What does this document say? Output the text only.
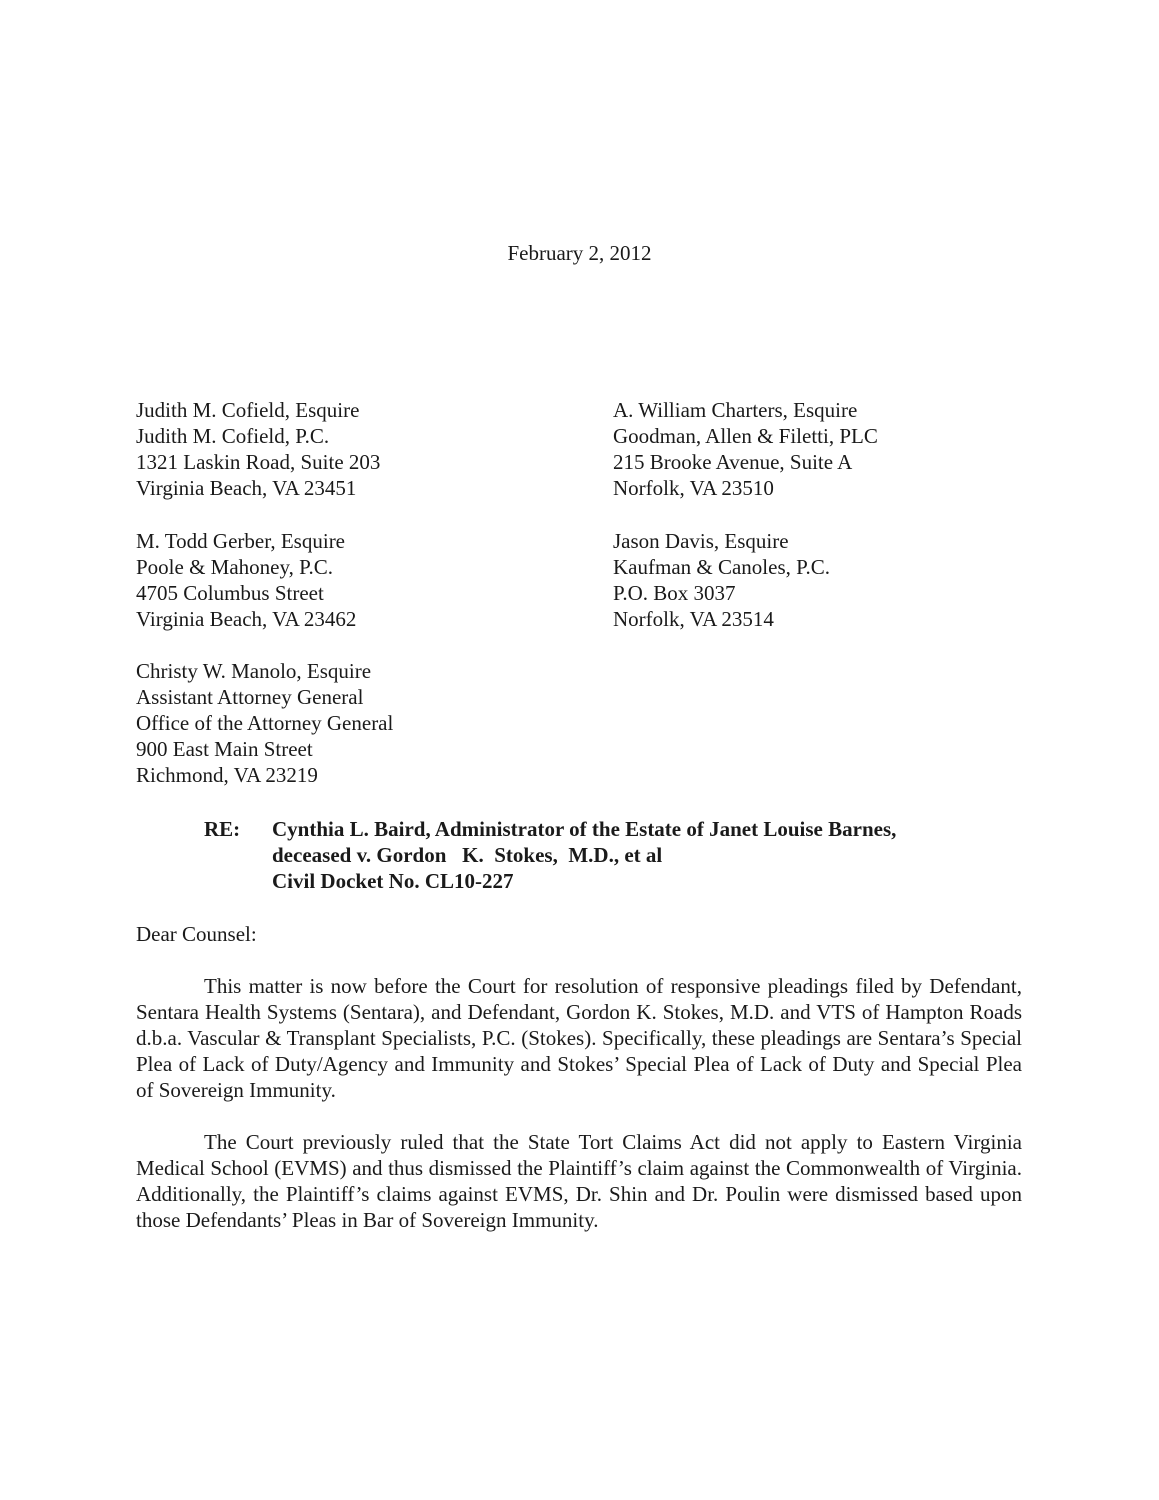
February 2, 2012
Judith M. Cofield, Esquire
Judith M. Cofield, P.C.
1321 Laskin Road, Suite 203
Virginia Beach, VA 23451
A. William Charters, Esquire
Goodman, Allen & Filetti, PLC
215 Brooke Avenue, Suite A
Norfolk, VA 23510
M. Todd Gerber, Esquire
Poole & Mahoney, P.C.
4705 Columbus Street
Virginia Beach, VA 23462
Jason Davis, Esquire
Kaufman & Canoles, P.C.
P.O. Box 3037
Norfolk, VA 23514
Christy W. Manolo, Esquire
Assistant Attorney General
Office of the Attorney General
900 East Main Street
Richmond, VA 23219
RE: Cynthia L. Baird, Administrator of the Estate of Janet Louise Barnes,
deceased v. Gordon   K.  Stokes,  M.D., et al
Civil Docket No. CL10-227
Dear Counsel:

This matter is now before the Court for resolution of responsive pleadings filed by Defendant, Sentara Health Systems (Sentara), and Defendant, Gordon K. Stokes, M.D. and VTS of Hampton Roads d.b.a. Vascular & Transplant Specialists, P.C. (Stokes). Specifically, these pleadings are Sentara’s Special Plea of Lack of Duty/Agency and Immunity and Stokes’ Special Plea of Lack of Duty and Special Plea of Sovereign Immunity.

The Court previously ruled that the State Tort Claims Act did not apply to Eastern Virginia Medical School (EVMS) and thus dismissed the Plaintiff’s claim against the Commonwealth of Virginia. Additionally, the Plaintiff’s claims against EVMS, Dr. Shin and Dr. Poulin were dismissed based upon those Defendants’ Pleas in Bar of Sovereign Immunity.
